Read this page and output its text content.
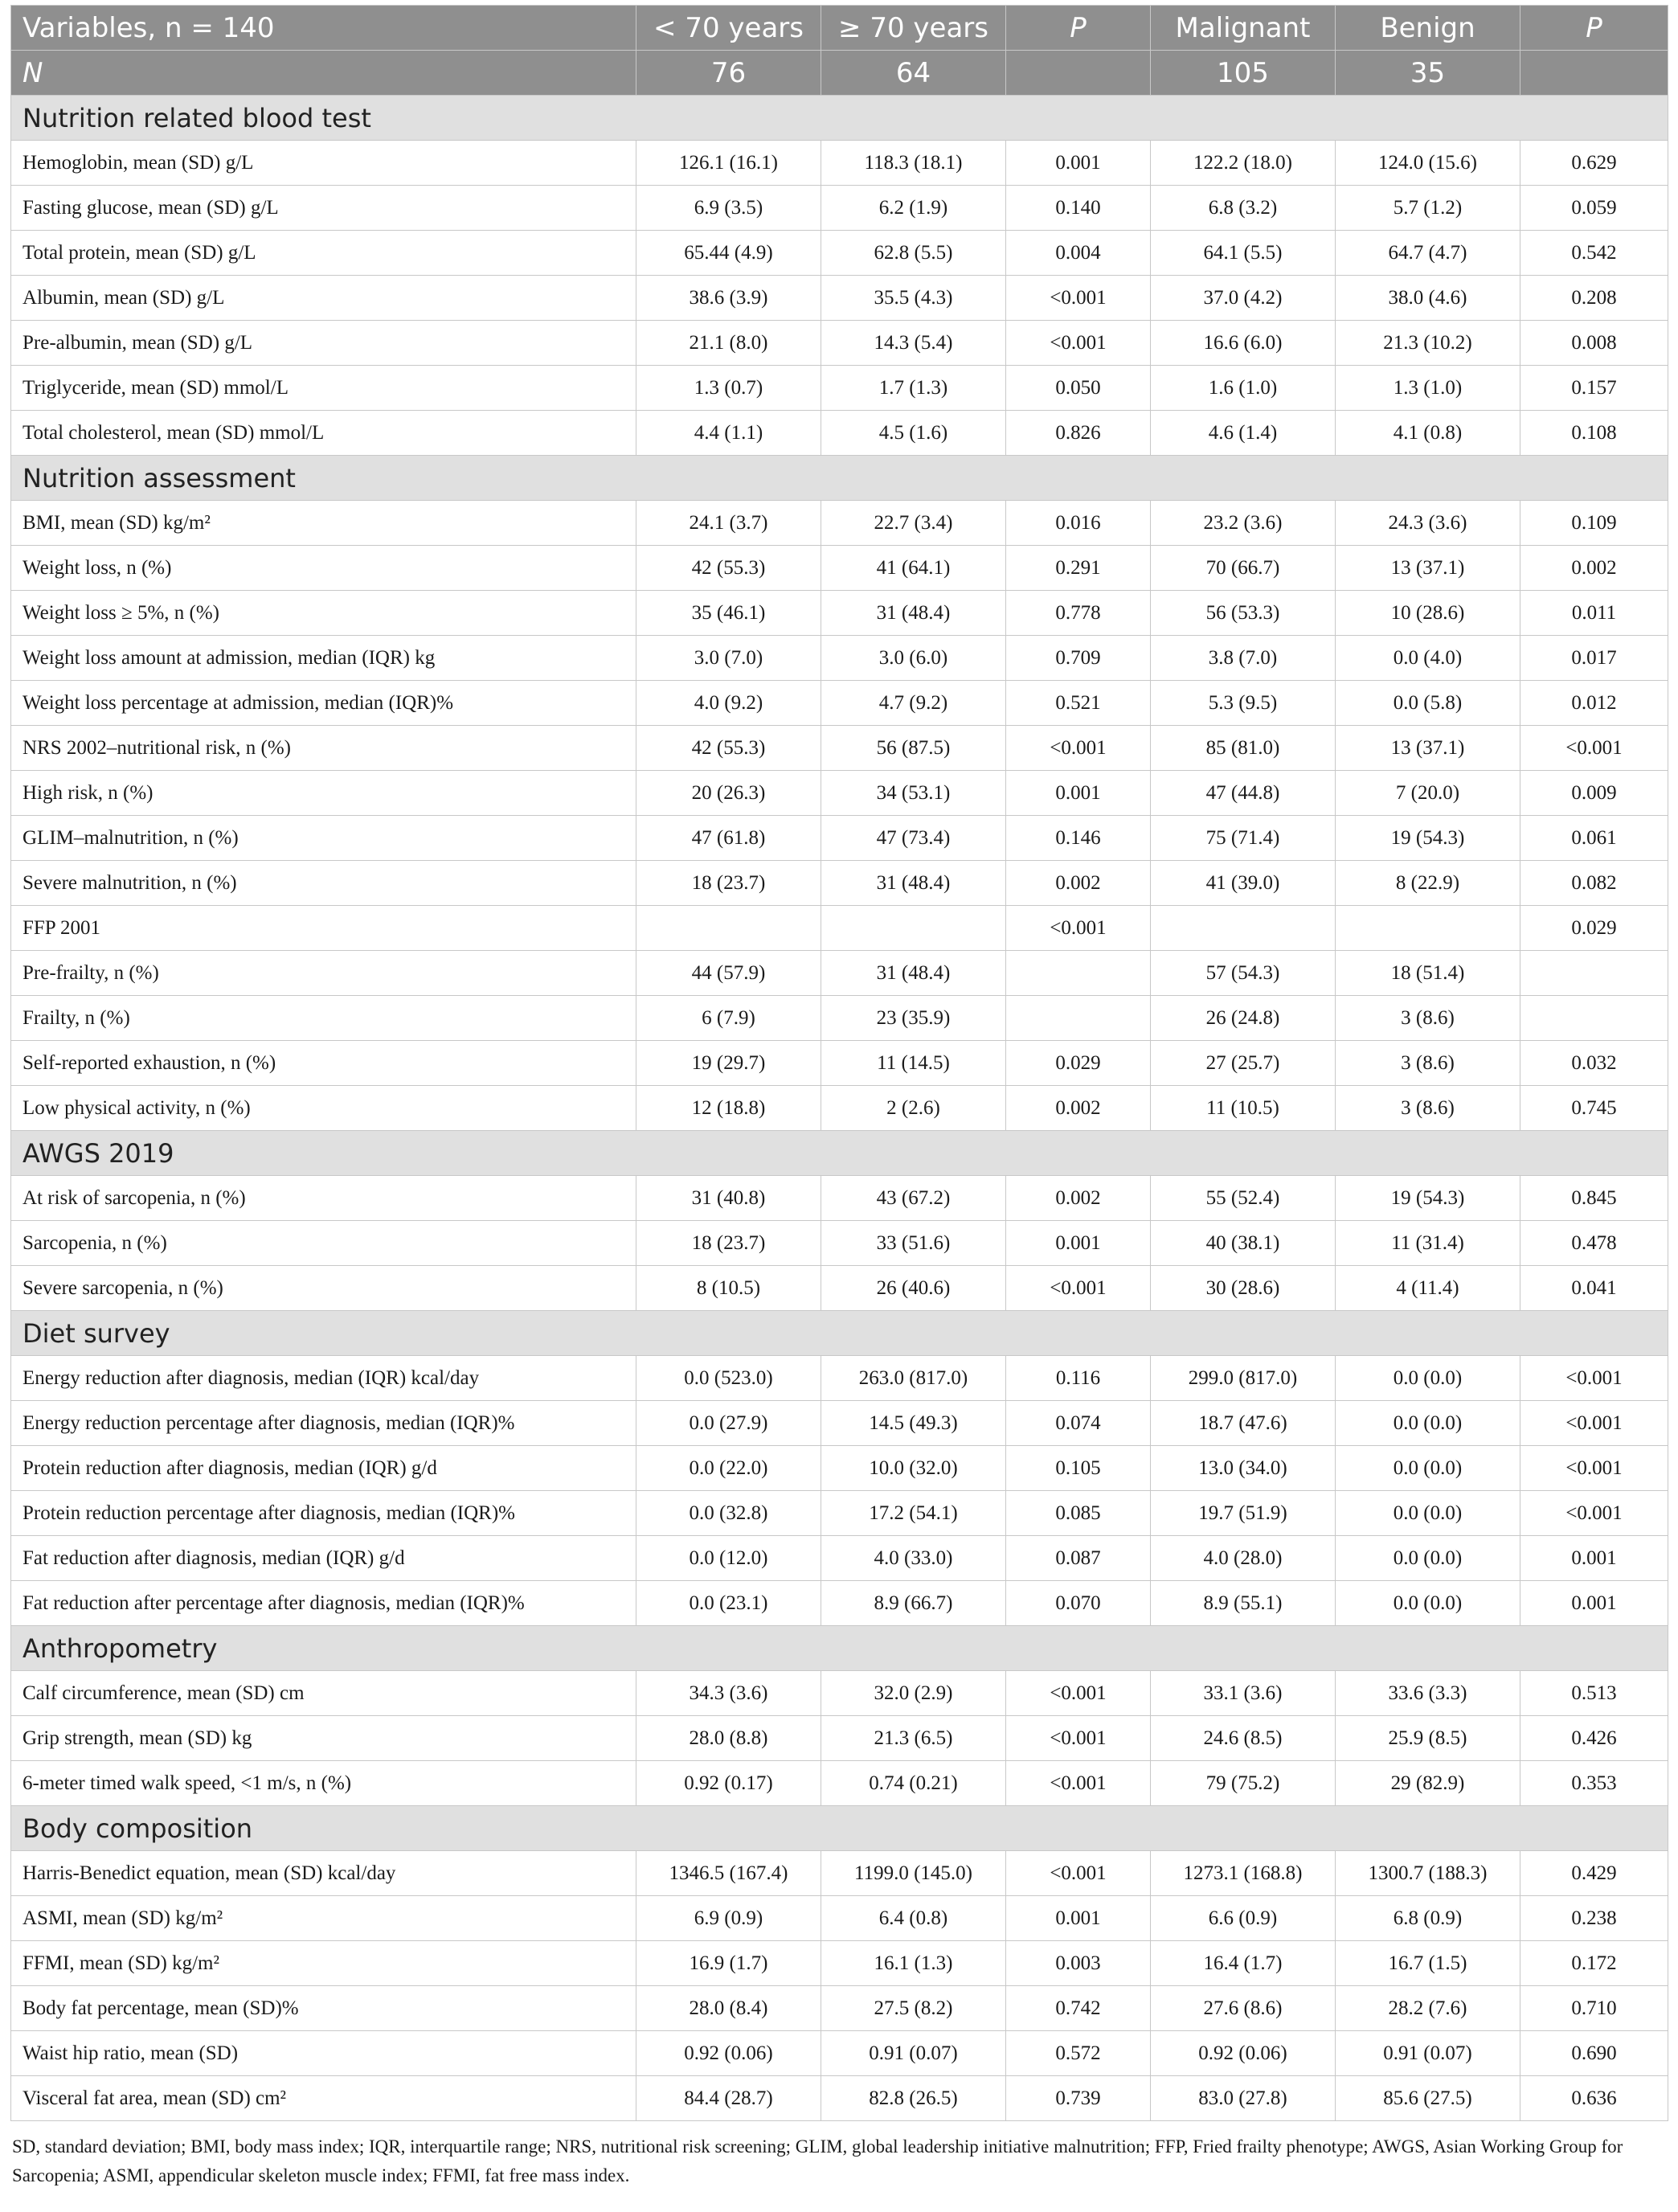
Variables, n = 140	< 70 years	≥ 70 years	P	Malignant	Benign	P
N	76	64		105	35	
Nutrition related blood test						
Hemoglobin, mean (SD) g/L	126.1 (16.1)	118.3 (18.1)	0.001	122.2 (18.0)	124.0 (15.6)	0.629
Fasting glucose, mean (SD) g/L	6.9 (3.5)	6.2 (1.9)	0.140	6.8 (3.2)	5.7 (1.2)	0.059
Total protein, mean (SD) g/L	65.44 (4.9)	62.8 (5.5)	0.004	64.1 (5.5)	64.7 (4.7)	0.542
Albumin, mean (SD) g/L	38.6 (3.9)	35.5 (4.3)	<0.001	37.0 (4.2)	38.0 (4.6)	0.208
Pre-albumin, mean (SD) g/L	21.1 (8.0)	14.3 (5.4)	<0.001	16.6 (6.0)	21.3 (10.2)	0.008
Triglyceride, mean (SD) mmol/L	1.3 (0.7)	1.7 (1.3)	0.050	1.6 (1.0)	1.3 (1.0)	0.157
Total cholesterol, mean (SD) mmol/L	4.4 (1.1)	4.5 (1.6)	0.826	4.6 (1.4)	4.1 (0.8)	0.108
Nutrition assessment						
BMI, mean (SD) kg/m²	24.1 (3.7)	22.7 (3.4)	0.016	23.2 (3.6)	24.3 (3.6)	0.109
Weight loss, n (%)	42 (55.3)	41 (64.1)	0.291	70 (66.7)	13 (37.1)	0.002
Weight loss ≥ 5%, n (%)	35 (46.1)	31 (48.4)	0.778	56 (53.3)	10 (28.6)	0.011
Weight loss amount at admission, median (IQR) kg	3.0 (7.0)	3.0 (6.0)	0.709	3.8 (7.0)	0.0 (4.0)	0.017
Weight loss percentage at admission, median (IQR)%	4.0 (9.2)	4.7 (9.2)	0.521	5.3 (9.5)	0.0 (5.8)	0.012
NRS 2002–nutritional risk, n (%)	42 (55.3)	56 (87.5)	<0.001	85 (81.0)	13 (37.1)	<0.001
High risk, n (%)	20 (26.3)	34 (53.1)	0.001	47 (44.8)	7 (20.0)	0.009
GLIM–malnutrition, n (%)	47 (61.8)	47 (73.4)	0.146	75 (71.4)	19 (54.3)	0.061
Severe malnutrition, n (%)	18 (23.7)	31 (48.4)	0.002	41 (39.0)	8 (22.9)	0.082
FFP 2001			<0.001			0.029
Pre-frailty, n (%)	44 (57.9)	31 (48.4)		57 (54.3)	18 (51.4)	
Frailty, n (%)	6 (7.9)	23 (35.9)		26 (24.8)	3 (8.6)	
Self-reported exhaustion, n (%)	19 (29.7)	11 (14.5)	0.029	27 (25.7)	3 (8.6)	0.032
Low physical activity, n (%)	12 (18.8)	2 (2.6)	0.002	11 (10.5)	3 (8.6)	0.745
AWGS 2019						
At risk of sarcopenia, n (%)	31 (40.8)	43 (67.2)	0.002	55 (52.4)	19 (54.3)	0.845
Sarcopenia, n (%)	18 (23.7)	33 (51.6)	0.001	40 (38.1)	11 (31.4)	0.478
Severe sarcopenia, n (%)	8 (10.5)	26 (40.6)	<0.001	30 (28.6)	4 (11.4)	0.041
Diet survey						
Energy reduction after diagnosis, median (IQR) kcal/day	0.0 (523.0)	263.0 (817.0)	0.116	299.0 (817.0)	0.0 (0.0)	<0.001
Energy reduction percentage after diagnosis, median (IQR)%	0.0 (27.9)	14.5 (49.3)	0.074	18.7 (47.6)	0.0 (0.0)	<0.001
Protein reduction after diagnosis, median (IQR) g/d	0.0 (22.0)	10.0 (32.0)	0.105	13.0 (34.0)	0.0 (0.0)	<0.001
Protein reduction percentage after diagnosis, median (IQR)%	0.0 (32.8)	17.2 (54.1)	0.085	19.7 (51.9)	0.0 (0.0)	<0.001
Fat reduction after diagnosis, median (IQR) g/d	0.0 (12.0)	4.0 (33.0)	0.087	4.0 (28.0)	0.0 (0.0)	0.001
Fat reduction after percentage after diagnosis, median (IQR)%	0.0 (23.1)	8.9 (66.7)	0.070	8.9 (55.1)	0.0 (0.0)	0.001
Anthropometry						
Calf circumference, mean (SD) cm	34.3 (3.6)	32.0 (2.9)	<0.001	33.1 (3.6)	33.6 (3.3)	0.513
Grip strength, mean (SD) kg	28.0 (8.8)	21.3 (6.5)	<0.001	24.6 (8.5)	25.9 (8.5)	0.426
6-meter timed walk speed, <1 m/s, n (%)	0.92 (0.17)	0.74 (0.21)	<0.001	79 (75.2)	29 (82.9)	0.353
Body composition						
Harris-Benedict equation, mean (SD) kcal/day	1346.5 (167.4)	1199.0 (145.0)	<0.001	1273.1 (168.8)	1300.7 (188.3)	0.429
ASMI, mean (SD) kg/m²	6.9 (0.9)	6.4 (0.8)	0.001	6.6 (0.9)	6.8 (0.9)	0.238
FFMI, mean (SD) kg/m²	16.9 (1.7)	16.1 (1.3)	0.003	16.4 (1.7)	16.7 (1.5)	0.172
Body fat percentage, mean (SD)%	28.0 (8.4)	27.5 (8.2)	0.742	27.6 (8.6)	28.2 (7.6)	0.710
Waist hip ratio, mean (SD)	0.92 (0.06)	0.91 (0.07)	0.572	0.92 (0.06)	0.91 (0.07)	0.690
Visceral fat area, mean (SD) cm²	84.4 (28.7)	82.8 (26.5)	0.739	83.0 (27.8)	85.6 (27.5)	0.636
SD, standard deviation; BMI, body mass index; IQR, interquartile range; NRS, nutritional risk screening; GLIM, global leadership initiative malnutrition; FFP, Fried frailty phenotype; AWGS, Asian Working Group for Sarcopenia; ASMI, appendicular skeleton muscle index; FFMI, fat free mass index.
